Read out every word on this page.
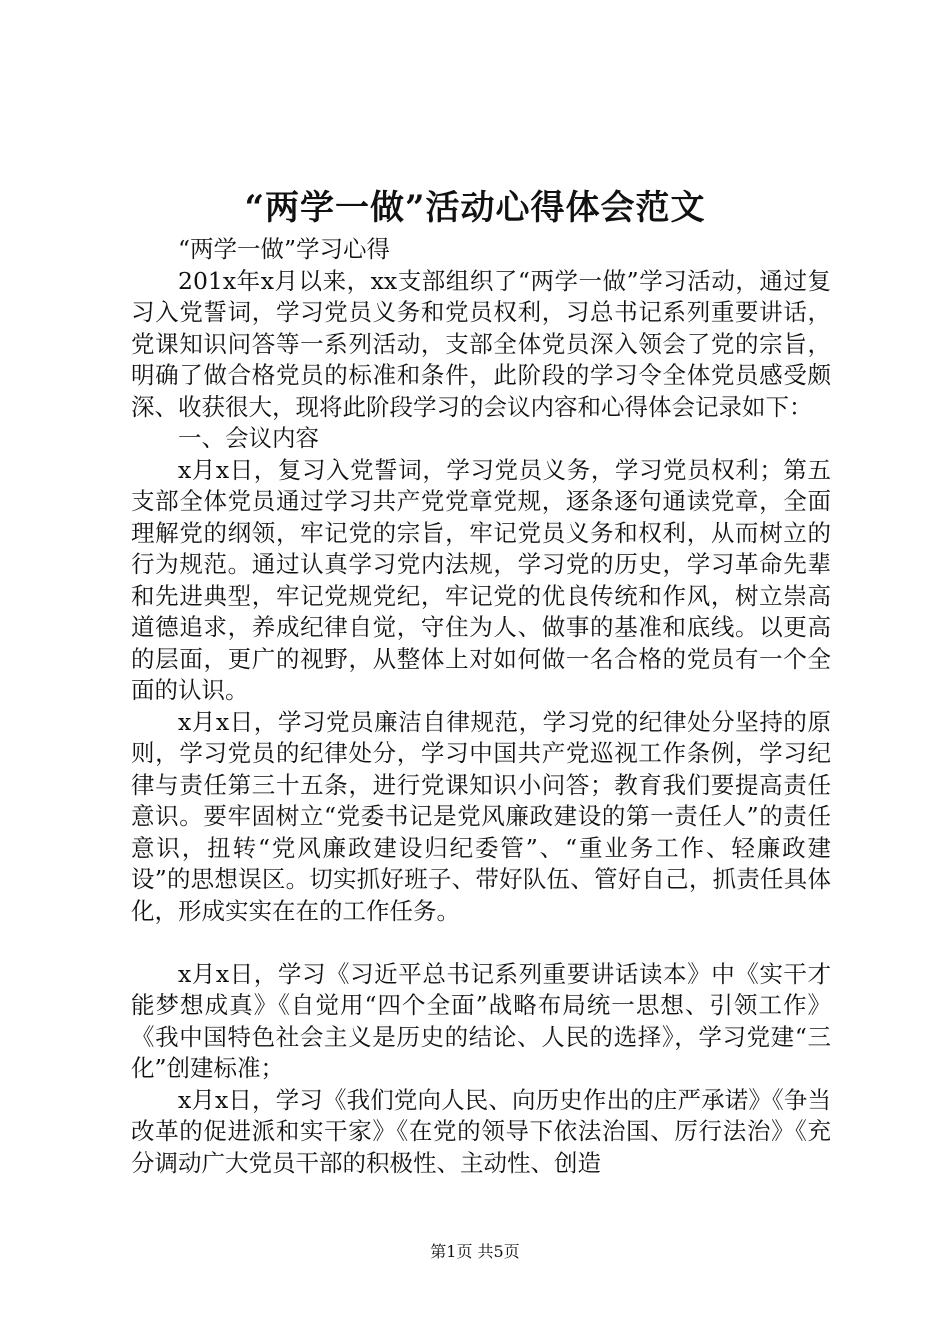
“两学一做”活动心得体会范文

“两学一做”学习心得

201x年x月以来，xx支部组织了“两学一做”学习活动，通过复习入党誓词，学习党员义务和党员权利，习总书记系列重要讲话，党课知识问答等一系列活动，支部全体党员深入领会了党的宗旨，明确了做合格党员的标准和条件，此阶段的学习令全体党员感受颇深、收获很大，现将此阶段学习的会议内容和心得体会记录如下：

一、会议内容

x月x日，复习入党誓词，学习党员义务，学习党员权利；第五支部全体党员通过学习共产党党章党规，逐条逐句通读党章，全面理解党的纲领，牢记党的宗旨，牢记党员义务和权利，从而树立的行为规范。通过认真学习党内法规，学习党的历史，学习革命先辈和先进典型，牢记党规党纪，牢记党的优良传统和作风，树立崇高道德追求，养成纪律自觉，守住为人、做事的基准和底线。以更高的层面，更广的视野，从整体上对如何做一名合格的党员有一个全面的认识。

x月x日，学习党员廉洁自律规范，学习党的纪律处分坚持的原则，学习党员的纪律处分，学习中国共产党巡视工作条例，学习纪律与责任第三十五条，进行党课知识小问答；教育我们要提高责任意识。要牢固树立“党委书记是党风廉政建设的第一责任人”的责任意识，扭转“党风廉政建设归纪委管”、“重业务工作、轻廉政建设”的思想误区。切实抓好班子、带好队伍、管好自己，抓责任具体化，形成实实在在的工作任务。

x月x日，学习《习近平总书记系列重要讲话读本》中《实干才能梦想成真》《自觉用“四个全面”战略布局统一思想、引领工作》《我中国特色社会主义是历史的结论、人民的选择》，学习党建“三化”创建标准；

x月x日，学习《我们党向人民、向历史作出的庄严承诺》《争当改革的促进派和实干家》《在党的领导下依法治国、厉行法治》《充分调动广大党员干部的积极性、主动性、创造

第1页 共5页
